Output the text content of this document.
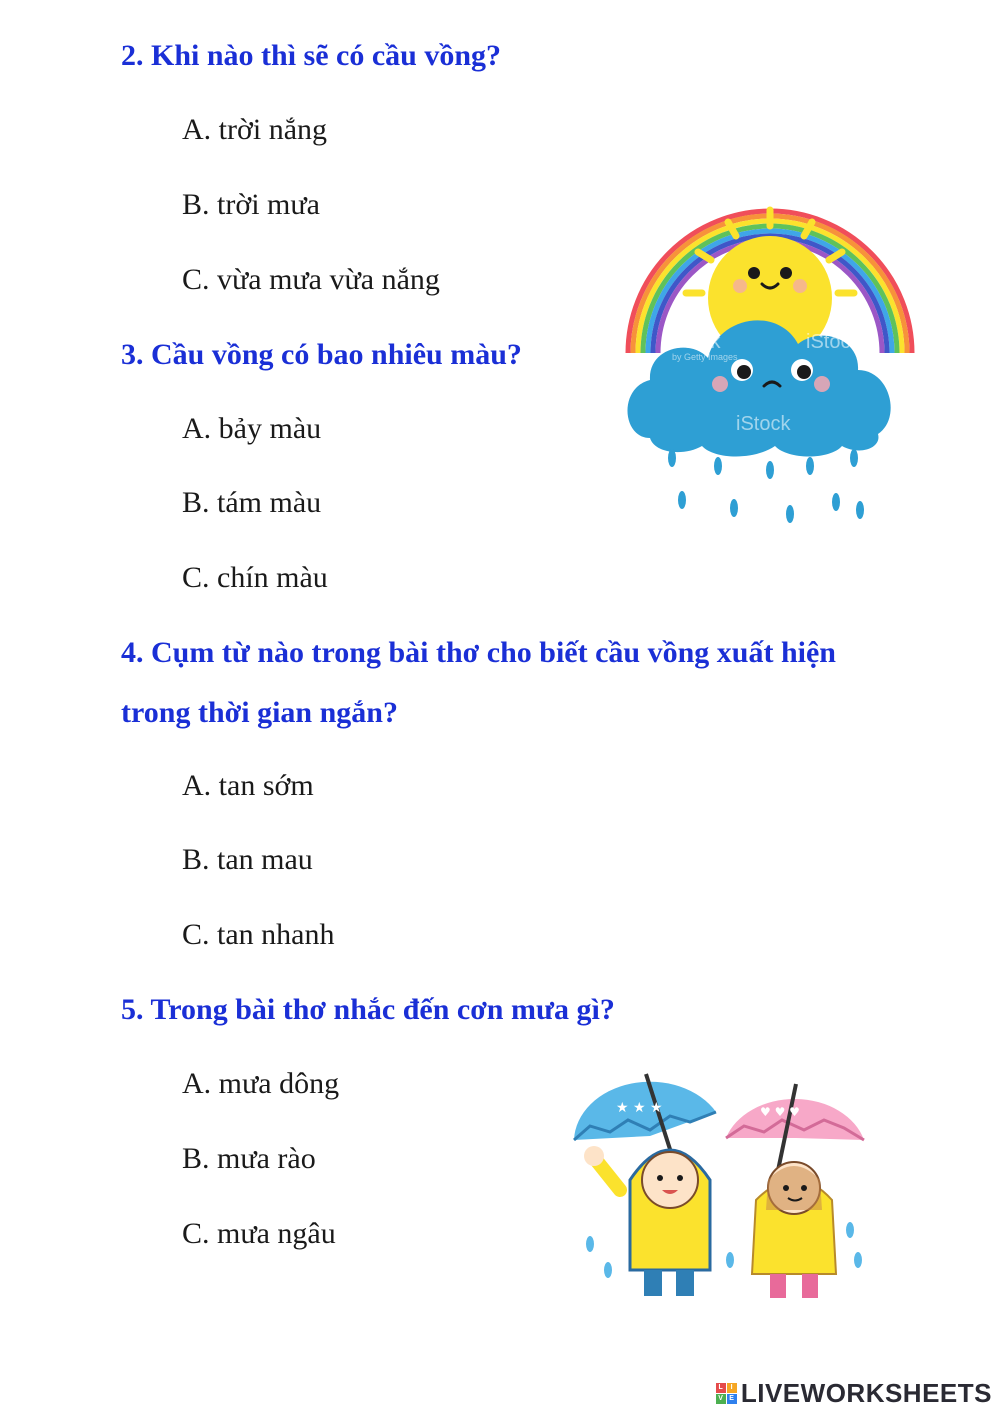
2. Khi nào thì sẽ có cầu vồng?

A. trời nắng

B. trời mưa

C. vừa mưa vừa nắng

3. Cầu vồng có bao nhiêu màu?

A. bảy màu

B. tám màu

C. chín màu

4. Cụm từ nào trong bài thơ cho biết cầu vồng xuất hiện

trong thời gian ngắn?

A. tan sớm

B. tan mau

C. tan nhanh

5. Trong bài thơ nhắc đến cơn mưa gì?

A. mưa dông

B. mưa rào

C. mưa ngâu

iStock	iStock
iStock
by Getty Images
★ ★ ★	♥ ♥ ♥
L	I
V E LIVEWORKSHEETS
